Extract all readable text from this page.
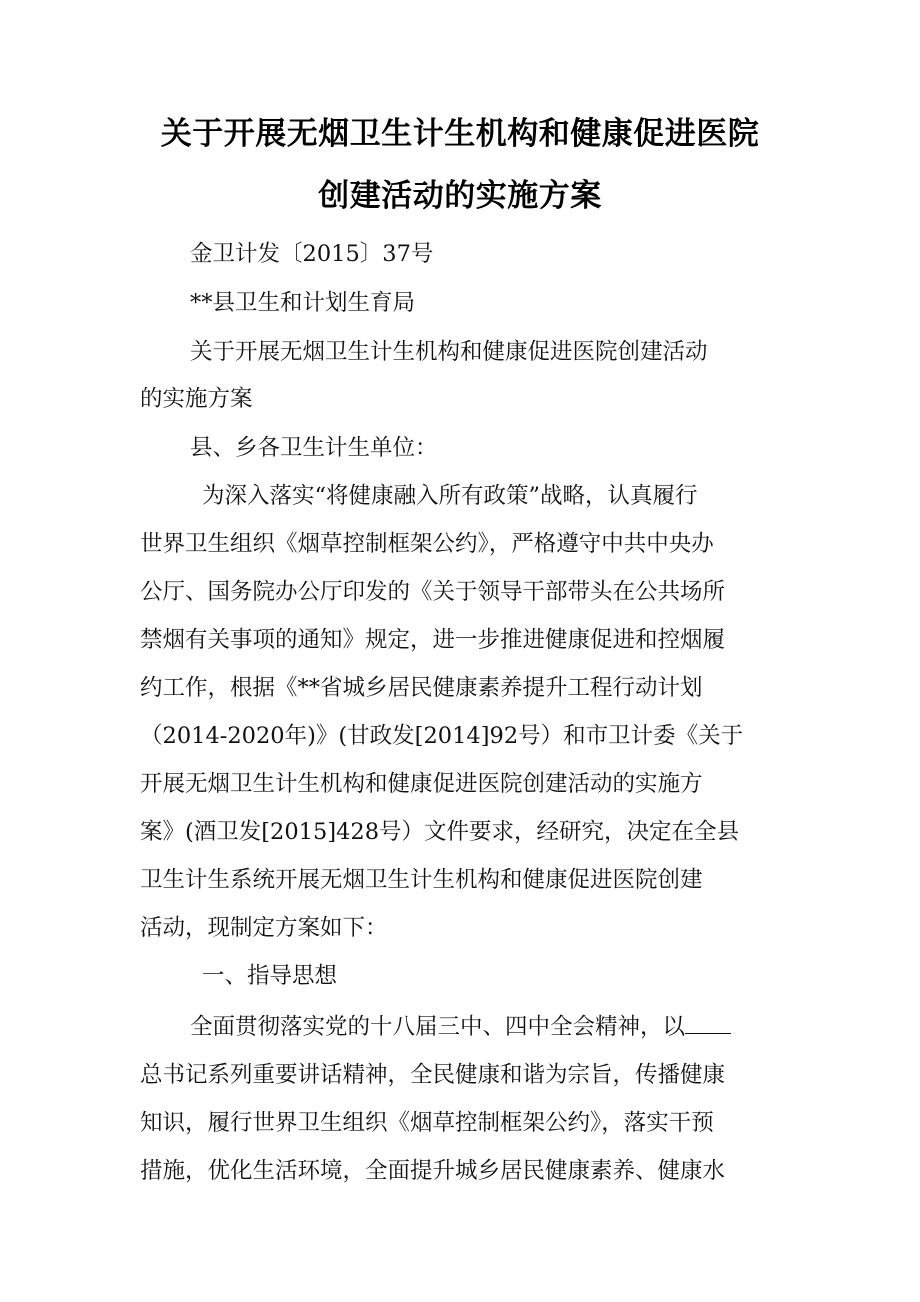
关于开展无烟卫生计生机构和健康促进医院
创建活动的实施方案
金卫计发〔2015〕37号
**县卫生和计划生育局
关于开展无烟卫生计生机构和健康促进医院创建活动
的实施方案
县、乡各卫生计生单位：
为深入落实“将健康融入所有政策”战略，认真履行
世界卫生组织《烟草控制框架公约》，严格遵守中共中央办
公厅、国务院办公厅印发的《关于领导干部带头在公共场所
禁烟有关事项的通知》规定，进一步推进健康促进和控烟履
约工作，根据《**省城乡居民健康素养提升工程行动计划
（2014-2020年)》(甘政发[2014]92号）和市卫计委《关于
开展无烟卫生计生机构和健康促进医院创建活动的实施方
案》(酒卫发[2015]428号）文件要求，经研究，决定在全县
卫生计生系统开展无烟卫生计生机构和健康促进医院创建
活动，现制定方案如下：
一、指导思想
全面贯彻落实党的十八届三中、四中全会精神，以
总书记系列重要讲话精神，全民健康和谐为宗旨，传播健康
知识，履行世界卫生组织《烟草控制框架公约》，落实干预
措施，优化生活环境，全面提升城乡居民健康素养、健康水
